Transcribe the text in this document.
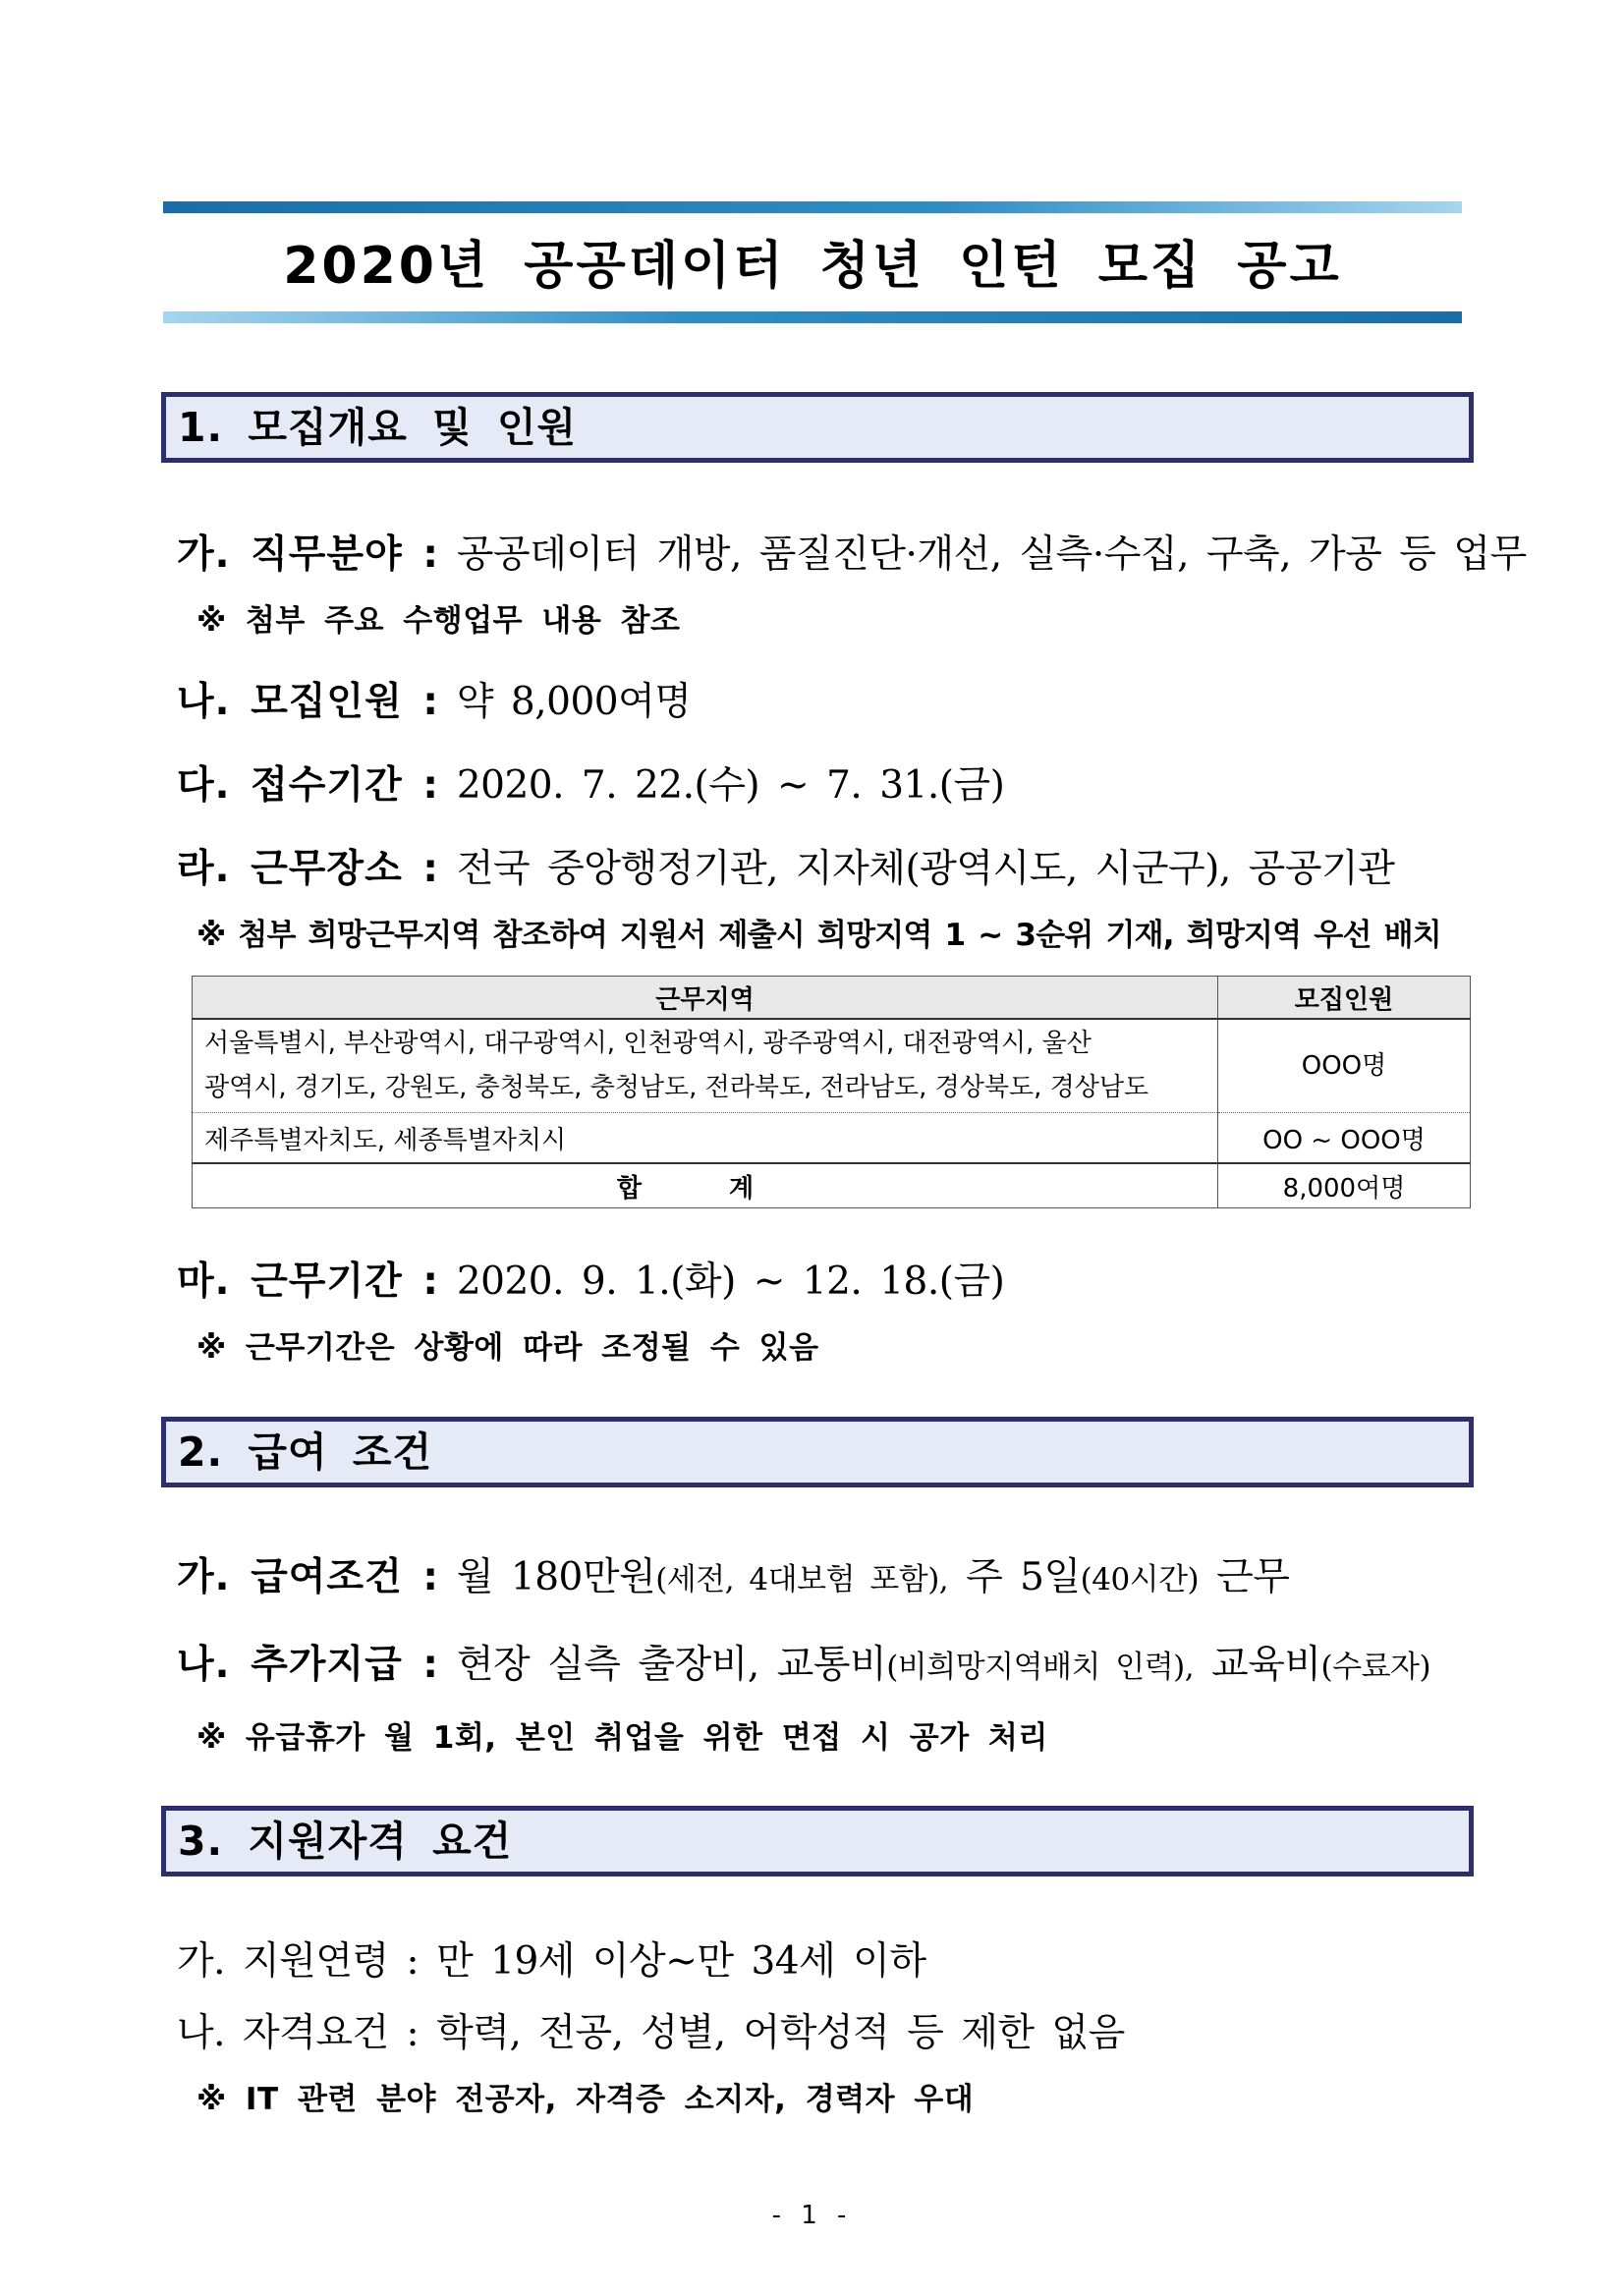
2020년 공공데이터 청년 인턴 모집 공고
1. 모집개요 및 인원
가. 직무분야 : 공공데이터 개방, 품질진단·개선, 실측·수집, 구축, 가공 등 업무
※ 첨부 주요 수행업무 내용 참조
나. 모집인원 : 약 8,000여명
다. 접수기간 : 2020. 7. 22.(수) ~ 7. 31.(금)
라. 근무장소 : 전국 중앙행정기관, 지자체(광역시도, 시군구), 공공기관
※ 첨부 희망근무지역 참조하여 지원서 제출시 희망지역 1 ~ 3순위 기재, 희망지역 우선 배치
근무지역	모집인원

서울특별시, 부산광역시, 대구광역시, 인천광역시, 광주광역시, 대전광역시, 울산
광역시, 경기도, 강원도, 충청북도, 충청남도, 전라북도, 전라남도, 경상북도, 경상남도	OOO명
제주특별자치도, 세종특별자치시	OO ~ OOO명
합 계	8,000여명
마. 근무기간 : 2020. 9. 1.(화) ~ 12. 18.(금)
※ 근무기간은 상황에 따라 조정될 수 있음
2. 급여 조건
가. 급여조건 : 월 180만원(세전, 4대보험 포함), 주 5일(40시간) 근무
나. 추가지급 : 현장 실측 출장비, 교통비(비희망지역배치 인력), 교육비(수료자)
※ 유급휴가 월 1회, 본인 취업을 위한 면접 시 공가 처리
3. 지원자격 요건
가. 지원연령 : 만 19세 이상~만 34세 이하
나. 자격요건 : 학력, 전공, 성별, 어학성적 등 제한 없음
※ IT 관련 분야 전공자, 자격증 소지자, 경력자 우대
- 1 -
